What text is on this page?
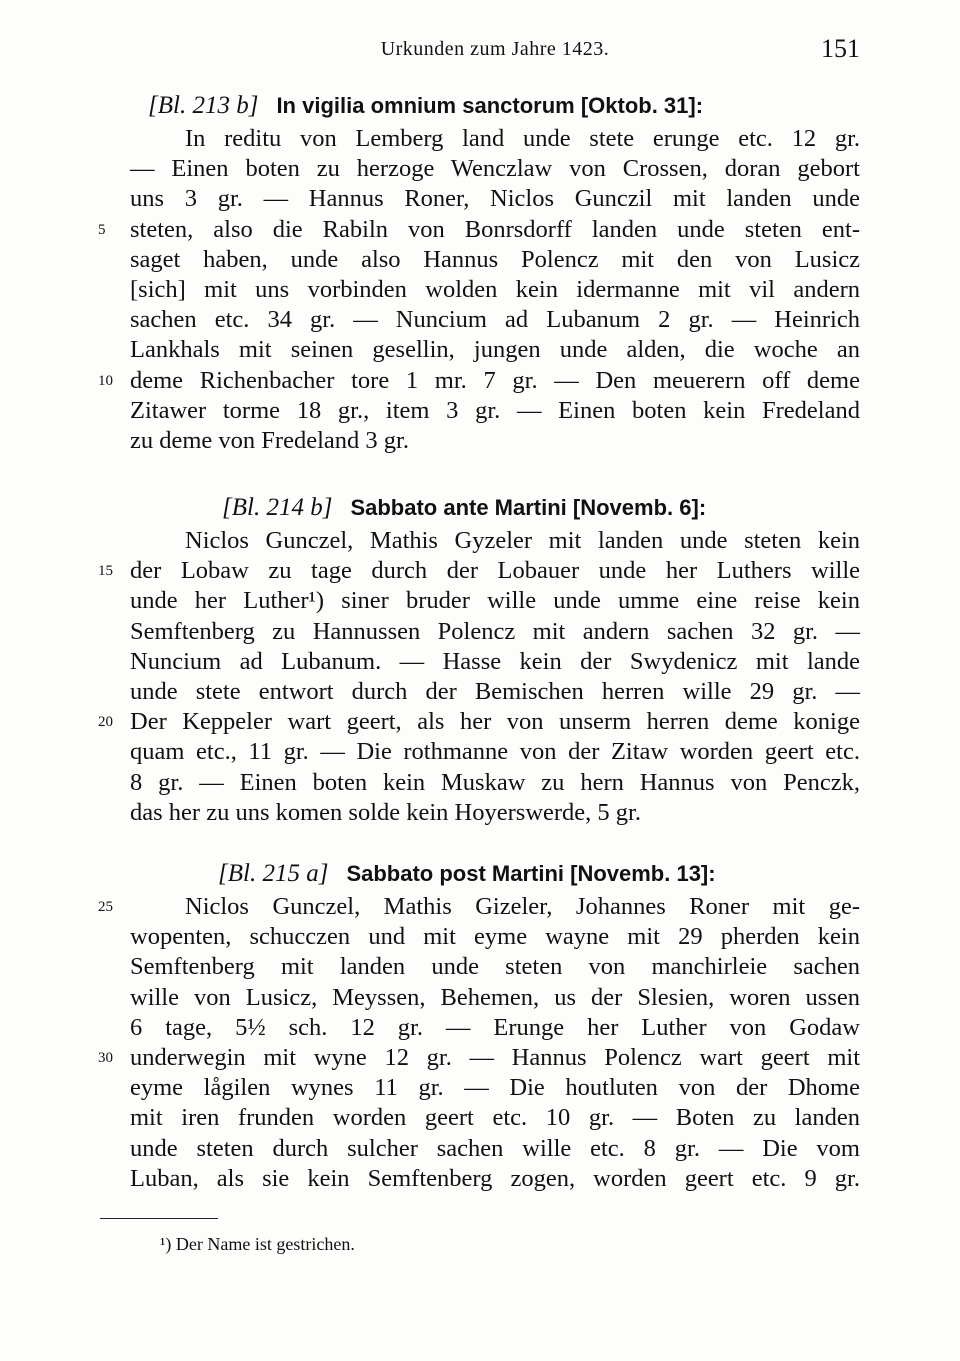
Urkunden zum Jahre 1423.	151
[Bl. 213 b] In vigilia omnium sanctorum [Oktob. 31]:
In reditu von Lemberg land unde stete erunge etc. 12 gr.
— Einen boten zu herzoge Wenczlaw von Crossen, doran gebort
uns 3 gr. — Hannus Roner, Niclos Gunczil mit landen unde
5	steten, also die Rabiln von Bonrsdorff landen unde steten ent-
saget haben, unde also Hannus Polencz mit den von Lusicz
[sich] mit uns vorbinden wolden kein idermanne mit vil andern
sachen etc. 34 gr. — Nuncium ad Lubanum 2 gr. — Heinrich
Lankhals mit seinen gesellin, jungen unde alden, die woche an
10 deme Richenbacher tore 1 mr. 7 gr. — Den meuerern off deme
Zitawer torme 18 gr., item 3 gr. — Einen boten kein Fredeland
zu deme von Fredeland 3 gr.
[Bl. 214 b] Sabbato ante Martini [Novemb. 6]:
Niclos Gunczel, Mathis Gyzeler mit landen unde steten kein
15 der Lobaw zu tage durch der Lobauer unde her Luthers wille
unde her Luther¹) siner bruder wille unde umme eine reise kein
Semftenberg zu Hannussen Polencz mit andern sachen 32 gr. —
Nuncium ad Lubanum. — Hasse kein der Swydenicz mit lande
unde stete entwort durch der Bemischen herren wille 29 gr. —
20 Der Keppeler wart geert, als her von unserm herren deme konige
quam etc., 11 gr. — Die rothmanne von der Zitaw worden geert etc.
8 gr. — Einen boten kein Muskaw zu hern Hannus von Penczk,
das her zu uns komen solde kein Hoyerswerde, 5 gr.
[Bl. 215 a] Sabbato post Martini [Novemb. 13]:
25	Niclos Gunczel, Mathis Gizeler, Johannes Roner mit ge-
wopenten, schucczen und mit eyme wayne mit 29 pherden kein
Semftenberg mit landen unde steten von manchirleie sachen
wille von Lusicz, Meyssen, Behemen, us der Slesien, woren ussen
6 tage, 5½ sch. 12 gr. — Erunge her Luther von Godaw
30 underwegin mit wyne 12 gr. — Hannus Polencz wart geert mit
eyme lågilen wynes 11 gr. — Die houtluten von der Dhome
mit iren frunden worden geert etc. 10 gr. — Boten zu landen
unde steten durch sulcher sachen wille etc. 8 gr. — Die vom
Luban, als sie kein Semftenberg zogen, worden geert etc. 9 gr.
¹) Der Name ist gestrichen.
